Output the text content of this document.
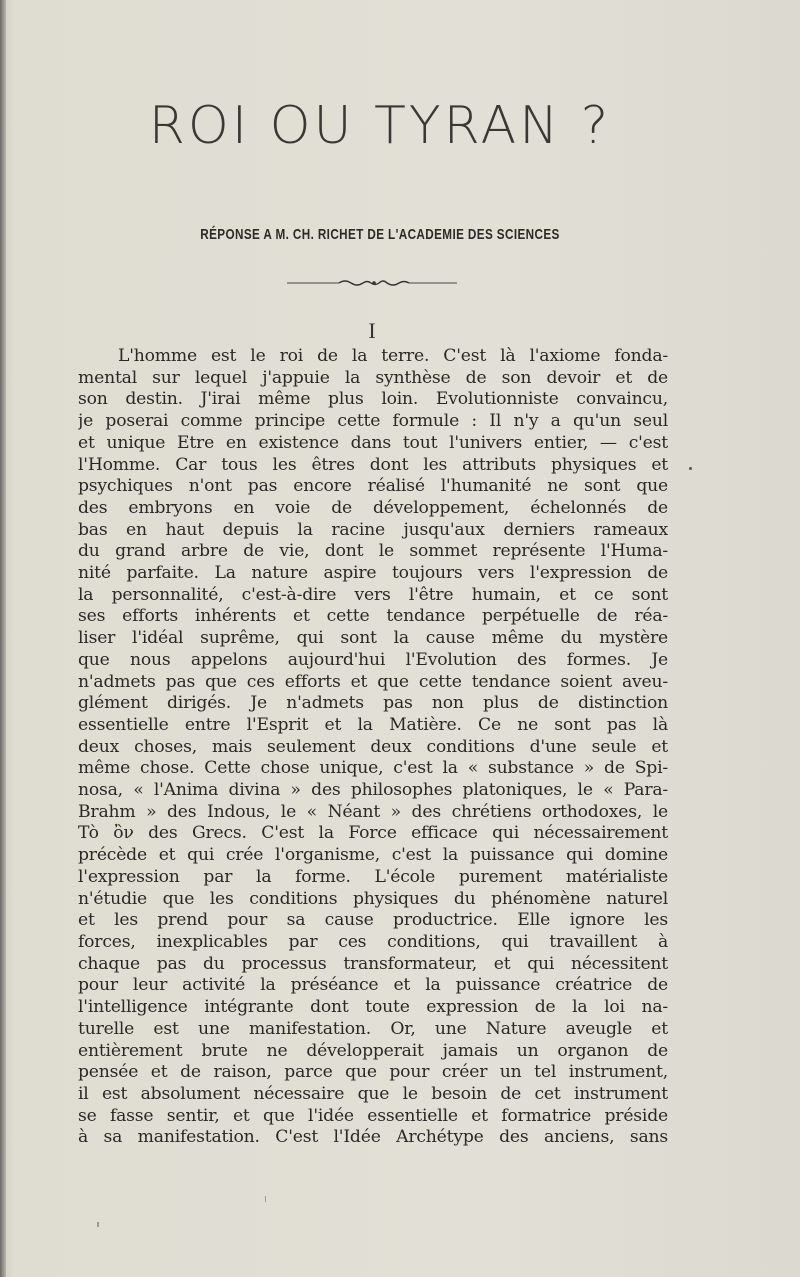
ROI OU TYRAN ?
RÉPONSE A M. CH. RICHET DE L'ACADEMIE DES SCIENCES
I
L'homme est le roi de la terre. C'est là l'axiome fonda-
mental sur lequel j'appuie la synthèse de son devoir et de
son destin. J'irai même plus loin. Evolutionniste convaincu,
je poserai comme principe cette formule : Il n'y a qu'un seul
et unique Etre en existence dans tout l'univers entier, — c'est
l'Homme. Car tous les êtres dont les attributs physiques et
psychiques n'ont pas encore réalisé l'humanité ne sont que
des embryons en voie de développement, échelonnés de
bas en haut depuis la racine jusqu'aux derniers rameaux
du grand arbre de vie, dont le sommet représente l'Huma-
nité parfaite. La nature aspire toujours vers l'expression de
la personnalité, c'est-à-dire vers l'être humain, et ce sont
ses efforts inhérents et cette tendance perpétuelle de réa-
liser l'idéal suprême, qui sont la cause même du mystère
que nous appelons aujourd'hui l'Evolution des formes. Je
n'admets pas que ces efforts et que cette tendance soient aveu-
glément dirigés. Je n'admets pas non plus de distinction
essentielle entre l'Esprit et la Matière. Ce ne sont pas là
deux choses, mais seulement deux conditions d'une seule et
même chose. Cette chose unique, c'est la « substance » de Spi-
nosa, « l'Anima divina » des philosophes platoniques, le « Para-
Brahm » des Indous, le « Néant » des chrétiens orthodoxes, le
Tò ὂν des Grecs. C'est la Force efficace qui nécessairement
précède et qui crée l'organisme, c'est la puissance qui domine
l'expression par la forme. L'école purement matérialiste
n'étudie que les conditions physiques du phénomène naturel
et les prend pour sa cause productrice. Elle ignore les
forces, inexplicables par ces conditions, qui travaillent à
chaque pas du processus transformateur, et qui nécessitent
pour leur activité la préséance et la puissance créatrice de
l'intelligence intégrante dont toute expression de la loi na-
turelle est une manifestation. Or, une Nature aveugle et
entièrement brute ne développerait jamais un organon de
pensée et de raison, parce que pour créer un tel instrument,
il est absolument nécessaire que le besoin de cet instrument
se fasse sentir, et que l'idée essentielle et formatrice préside
à sa manifestation. C'est l'Idée Archétype des anciens, sans
